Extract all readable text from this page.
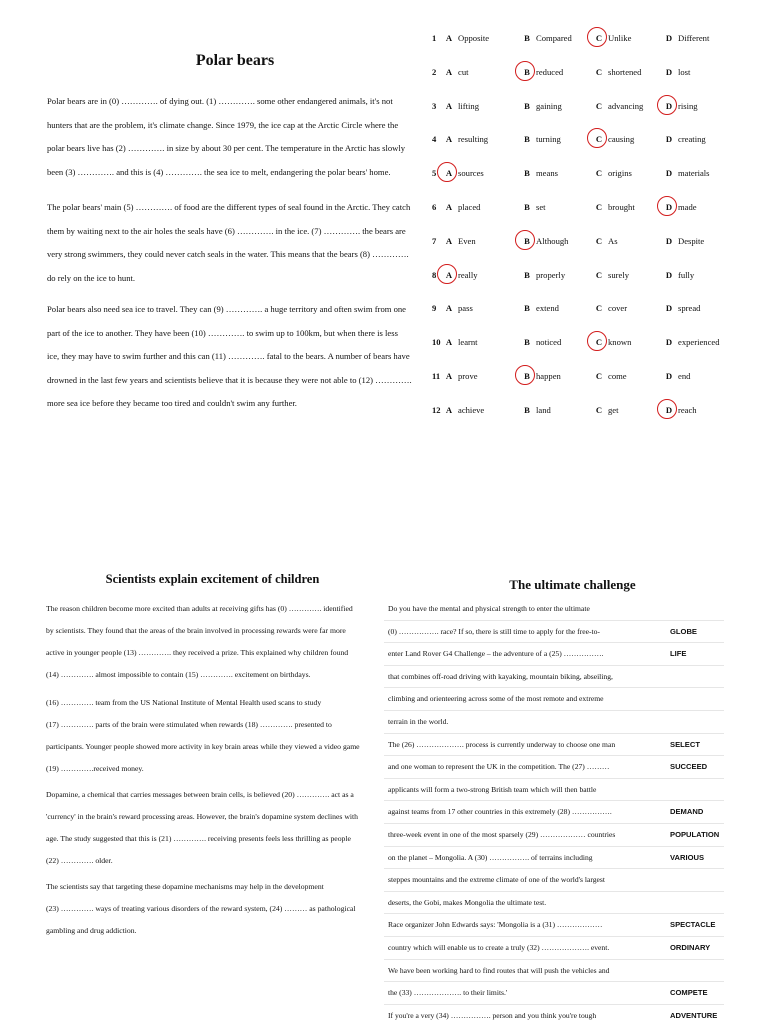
Polar bears
Polar bears are in (0) …………. of dying out. (1) …………. some other endangered animals, it's not
hunters that are the problem, it's climate change. Since 1979, the ice cap at the Arctic Circle where the
polar bears live has (2) …………. in size by about 30 per cent. The temperature in the Arctic has slowly
been (3) …………. and this is (4) …………. the sea ice to melt, endangering the polar bears' home.
The polar bears' main (5) …………. of food are the different types of seal found in the Arctic. They catch
them by waiting next to the air holes the seals have (6) …………. in the ice. (7) …………. the bears are
very strong swimmers, they could never catch seals in the water. This means that the bears (8) ………….
do rely on the ice to hunt.
Polar bears also need sea ice to travel. They can (9) …………. a huge territory and often swim from one
part of the ice to another. They have been (10) …………. to swim up to 100km, but when there is less
ice, they may have to swim further and this can (11) …………. fatal to the bears. A number of bears have
drowned in the last few years and scientists believe that it is because they were not able to (12) ………….
more sea ice before they became too tired and couldn't swim any further.
1	A Opposite	B Compared	C Unlike	D Different
2	A cut	B reduced	C shortened	D lost
3	A lifting	B gaining	C advancing	D rising
4	A resulting	B turning	C causing	D creating
5	A sources	B means	C origins	D materials
6	A placed	B set	C brought	D made
7	A Even	B Although	C As	D Despite
8	A really	B properly	C surely	D fully
9	A pass	B extend	C cover	D spread
10 A learnt	B noticed	C known	D experienced
11 A prove	B happen	C come	D end
12 A achieve	B land	C get	D reach
Scientists explain excitement of children
The reason children become more excited than adults at receiving gifts has (0) …………. identified
by scientists. They found that the areas of the brain involved in processing rewards were far more
active in younger people (13) …………. they received a prize. This explained why children found
(14) …………. almost impossible to contain (15) …………. excitement on birthdays.
(16) …………. team from the US National Institute of Mental Health used scans to study
(17) …………. parts of the brain were stimulated when rewards (18) …………. presented to
participants. Younger people showed more activity in key brain areas while they viewed a video game
(19) ………….received money.
Dopamine, a chemical that carries messages between brain cells, is believed (20) …………. act as a
'currency' in the brain's reward processing areas. However, the brain's dopamine system declines with
age. The study suggested that this is (21) …………. receiving presents feels less thrilling as people
(22) …………. older.
The scientists say that targeting these dopamine mechanisms may help in the development
(23) …………. ways of treating various disorders of the reward system, (24) ……… as pathological
gambling and drug addiction.
The ultimate challenge
Do you have the mental and physical strength to enter the ultimate
(0) ……………. race? If so, there is still time to apply for the free-to-	GLOBE
enter Land Rover G4 Challenge – the adventure of a (25) …………….	LIFE
that combines off-road driving with kayaking, mountain biking, abseiling,
climbing and orienteering across some of the most remote and extreme
terrain in the world.
The (26) ………………. process is currently underway to choose one man	SELECT
and one woman to represent the UK in the competition. The (27) ………	SUCCEED
applicants will form a two-strong British team which will then battle
against teams from 17 other countries in this extremely (28) …………….	DEMAND
three-week event in one of the most sparsely (29) ……………… countries	POPULATION
on the planet – Mongolia. A (30) ……………. of terrains including	VARIOUS
steppes mountains and the extreme climate of one of the world's largest
deserts, the Gobi, makes Mongolia the ultimate test.
Race organizer John Edwards says: 'Mongolia is a (31) ………………	SPECTACLE
country which will enable us to create a truly (32) ………………. event.	ORDINARY
We have been working hard to find routes that will push the vehicles and
the (33) ………………. to their limits.'	COMPETE
If you're a very (34) ……………. person and you think you're tough	ADVENTURE
